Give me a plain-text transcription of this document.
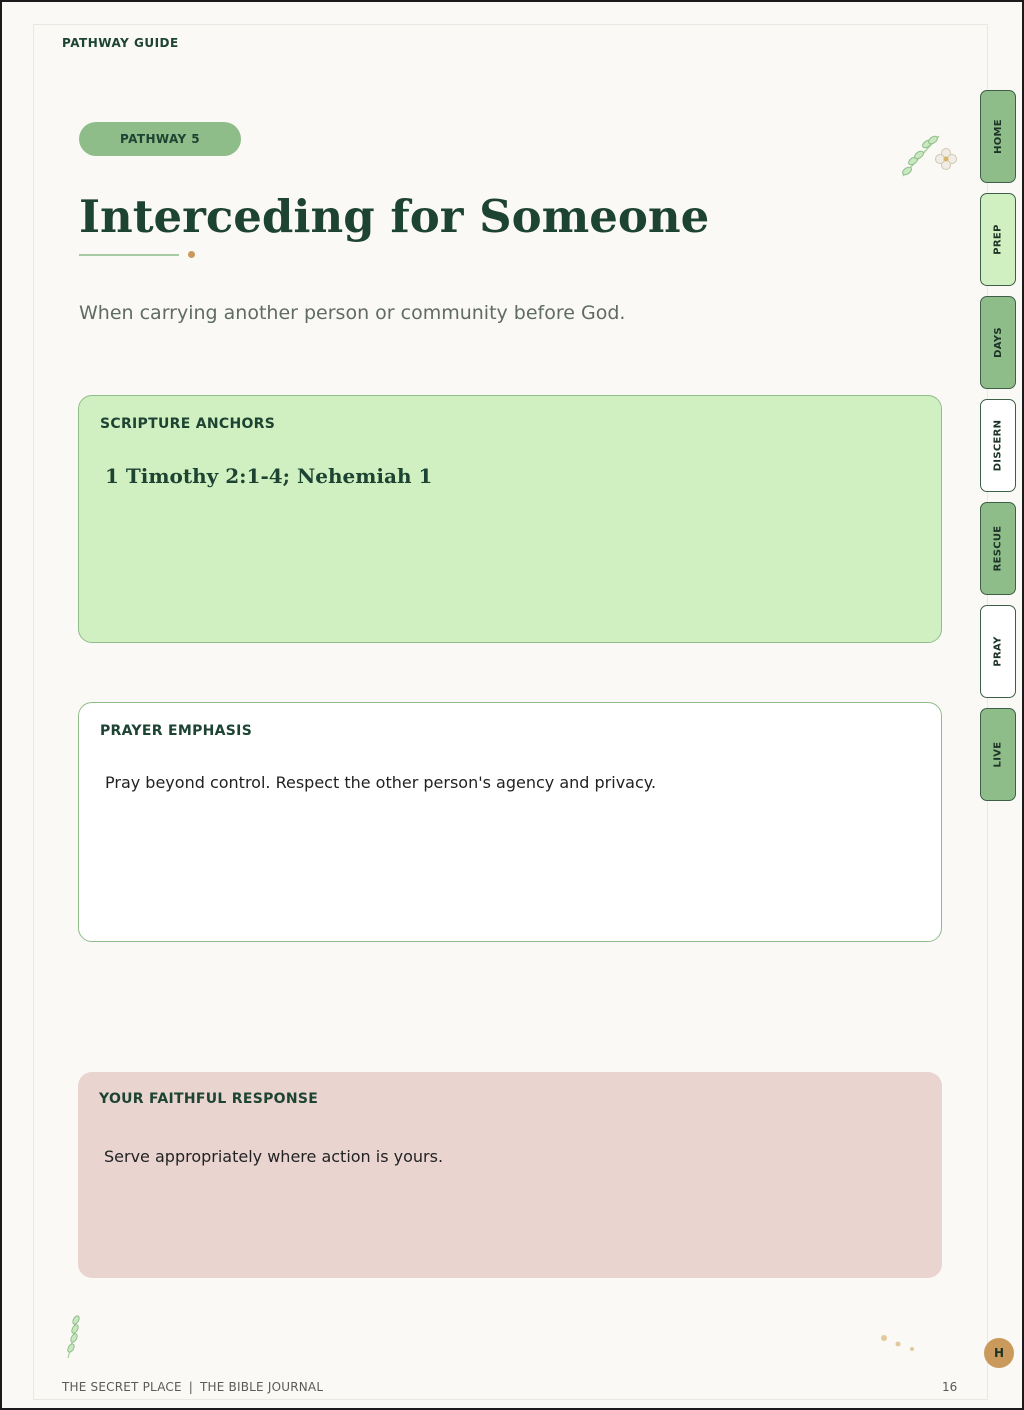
PATHWAY GUIDE
PATHWAY 5
Interceding for Someone
When carrying another person or community before God.
SCRIPTURE ANCHORS
1 Timothy 2:1-4; Nehemiah 1
PRAYER EMPHASIS
Pray beyond control. Respect the other person's agency and privacy.
YOUR FAITHFUL RESPONSE
Serve appropriately where action is yours.
HOME
PREP
DAYS
DISCERN
RESCUE
PRAY
LIVE
THE SECRET PLACE | THE BIBLE JOURNAL	16
H
